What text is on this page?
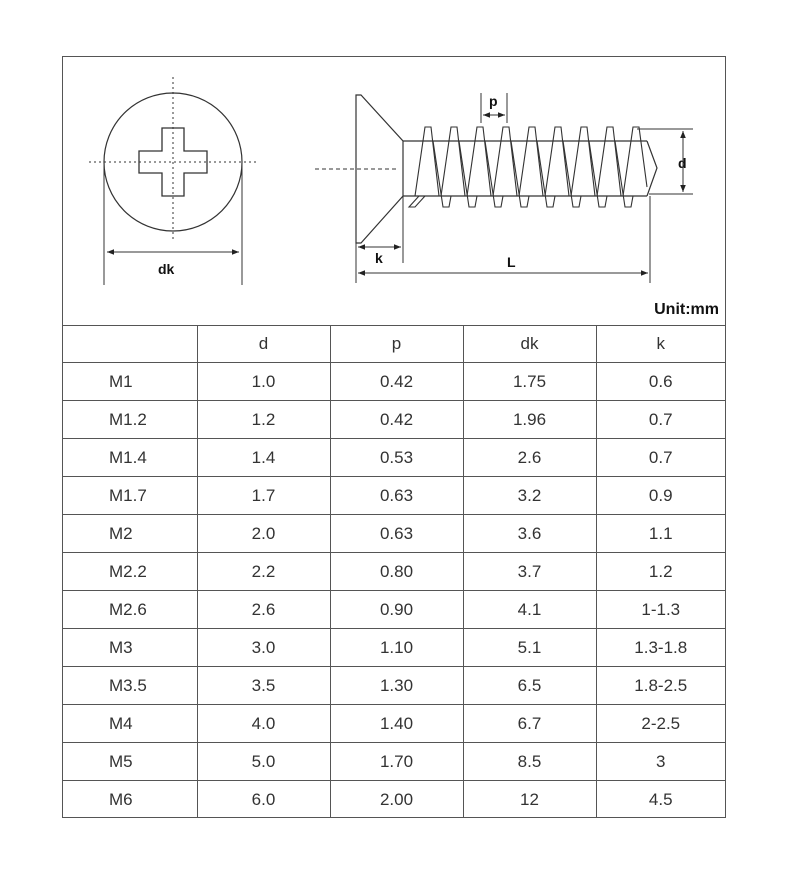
dk
k	L
p
d
Unit:mm
	d	p	dk	k
M1	1.0	0.42	1.75	0.6
M1.2	1.2	0.42	1.96	0.7
M1.4	1.4	0.53	2.6	0.7
M1.7	1.7	0.63	3.2	0.9
M2	2.0	0.63	3.6	1.1
M2.2	2.2	0.80	3.7	1.2
M2.6	2.6	0.90	4.1	1-1.3
M3	3.0	1.10	5.1	1.3-1.8
M3.5	3.5	1.30	6.5	1.8-2.5
M4	4.0	1.40	6.7	2-2.5
M5	5.0	1.70	8.5	3
M6	6.0	2.00	12	4.5
